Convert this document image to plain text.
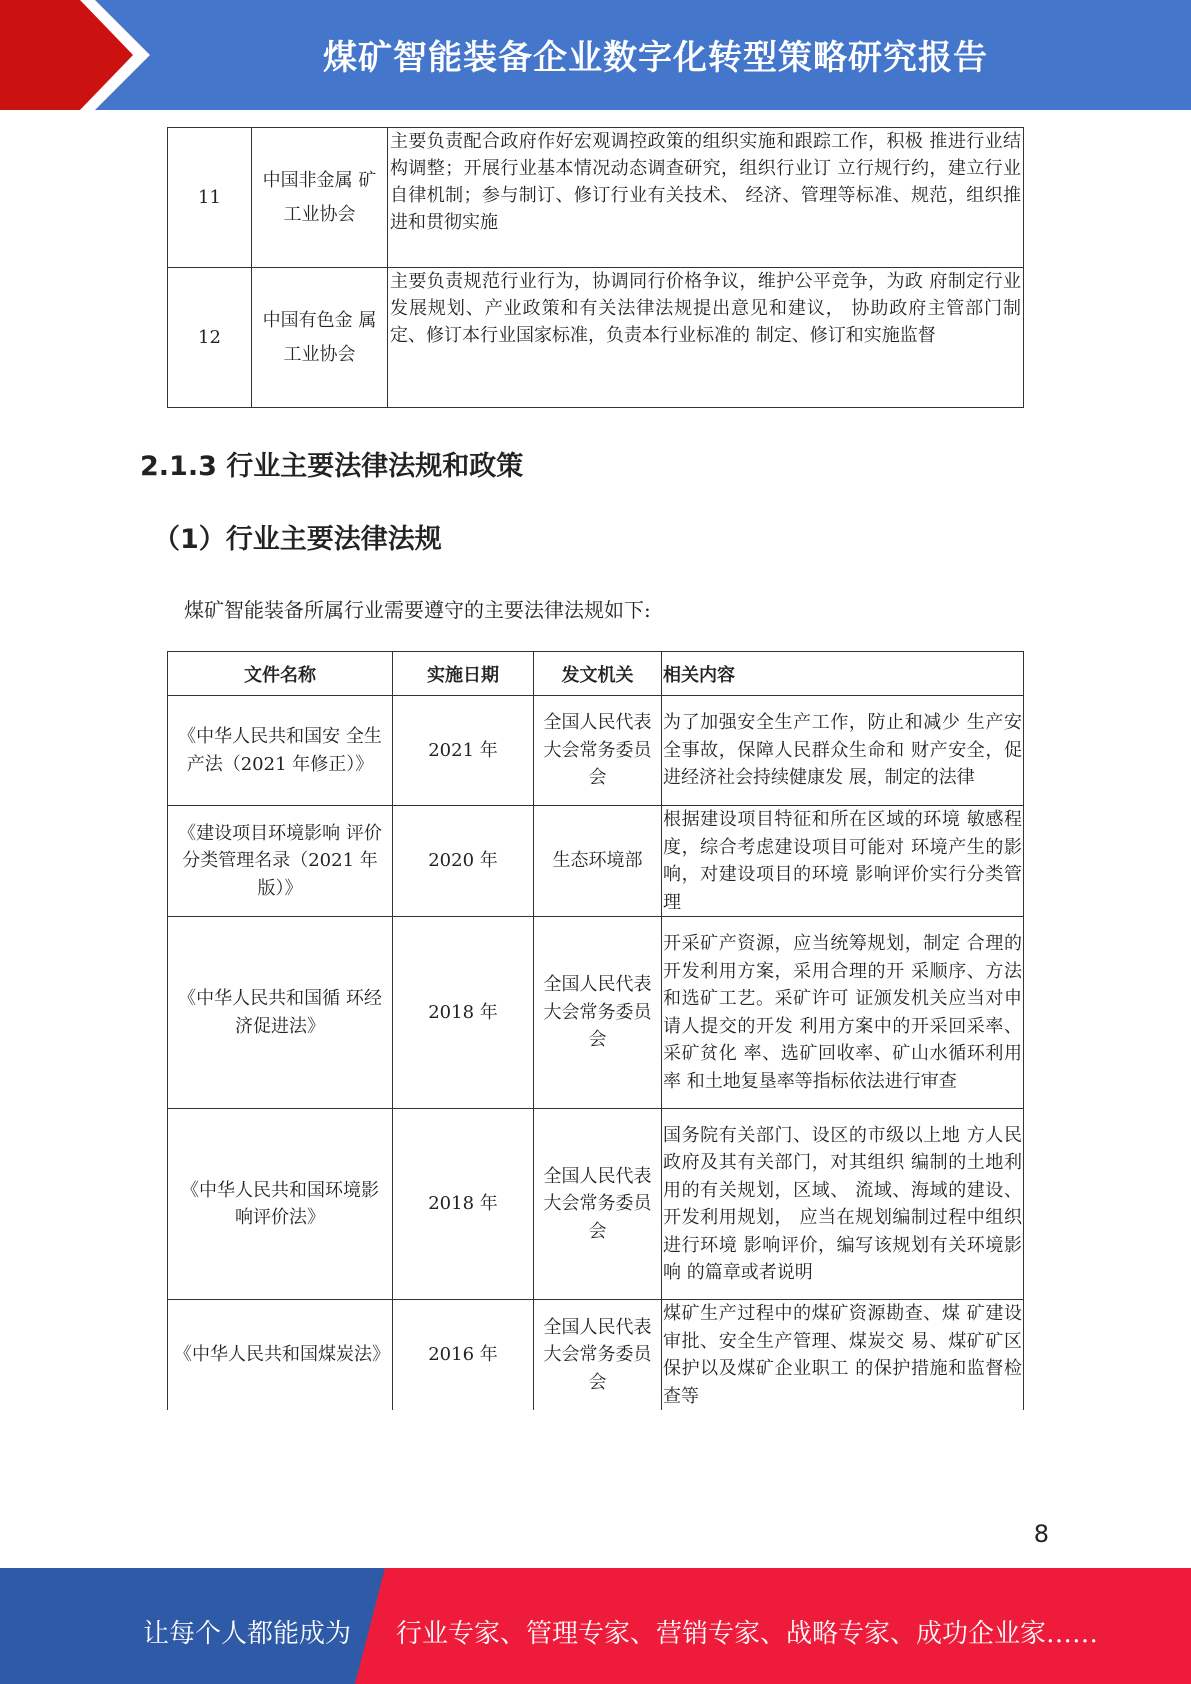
煤矿智能装备企业数字化转型策略研究报告
11	中国非金属 矿工业协会	主要负责配合政府作好宏观调控政策的组织实施和跟踪工作，积极 推进行业结构调整；开展行业基本情况动态调查研究，组织行业订 立行规行约，建立行业自律机制；参与制订、修订行业有关技术、 经济、管理等标准、规范，组织推进和贯彻实施
12	中国有色金 属工业协会	主要负责规范行业行为，协调同行价格争议，维护公平竞争，为政 府制定行业发展规划、产业政策和有关法律法规提出意见和建议， 协助政府主管部门制定、修订本行业国家标准，负责本行业标准的 制定、修订和实施监督
2.1.3 行业主要法律法规和政策
（1）行业主要法律法规
煤矿智能装备所属行业需要遵守的主要法律法规如下:
文件名称	实施日期	发文机关	相关内容
《中华人民共和国安 全生产法（2021 年修正）》	2021 年	全国人民代表大会常务委员会	为了加强安全生产工作，防止和减少 生产安全事故，保障人民群众生命和 财产安全，促进经济社会持续健康发 展，制定的法律
《建设项目环境影响 评价分类管理名录（2021 年版）》	2020 年	生态环境部	根据建设项目特征和所在区域的环境 敏感程度，综合考虑建设项目可能对 环境产生的影响，对建设项目的环境 影响评价实行分类管理
《中华人民共和国循 环经济促进法》	2018 年	全国人民代表大会常务委员会	开采矿产资源，应当统筹规划，制定 合理的开发利用方案，采用合理的开 采顺序、方法和选矿工艺。采矿许可 证颁发机关应当对申请人提交的开发 利用方案中的开采回采率、采矿贫化 率、选矿回收率、矿山水循环利用率 和土地复垦率等指标依法进行审查
《中华人民共和国环境影响评价法》	2018 年	全国人民代表大会常务委员会	国务院有关部门、设区的市级以上地 方人民政府及其有关部门，对其组织 编制的土地利用的有关规划，区域、 流域、海域的建设、开发利用规划， 应当在规划编制过程中组织进行环境 影响评价，编写该规划有关环境影响 的篇章或者说明
《中华人民共和国煤炭法》	2016 年	全国人民代表大会常务委员会	煤矿生产过程中的煤矿资源勘查、煤 矿建设审批、安全生产管理、煤炭交 易、煤矿矿区保护以及煤矿企业职工 的保护措施和监督检查等
8
让每个人都能成为 行业专家、管理专家、营销专家、战略专家、成功企业家……
